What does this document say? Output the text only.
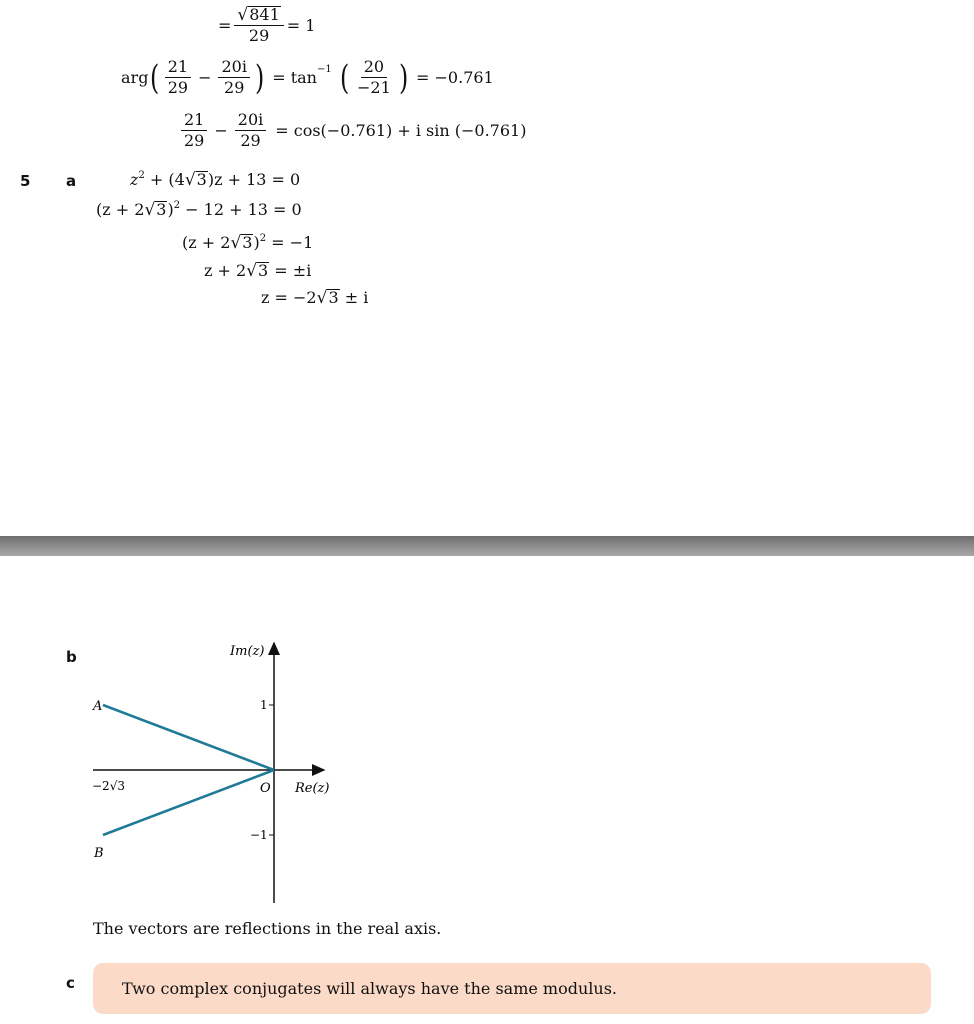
= $\frac{√ 841}{29} = 1$
arg ( $\frac{21}{29} - \frac{20i}{29}$ ) = $\tan^{-1}$ ( $\frac{20}{-21}$ ) = −0.761
$\frac{21}{29} - \frac{20i}{29} = \cos(-0.761) + i$ sin (−0.761)
5 a	$z^2 + (4$ √ 3 )z + 13 = 0
(z + 2 √ 3 )$^2$ − 12 + 13 = 0
(z + 2 √ 3 )$^2$ = −1
z + 2 √ 3 = ±i
z = −2 √ 3 ± i
b	Im(z)
Re(z)
O
A
B
1
−1
−2√3
The vectors are reflections in the real axis.
c	Two complex conjugates will always have the same modulus.
